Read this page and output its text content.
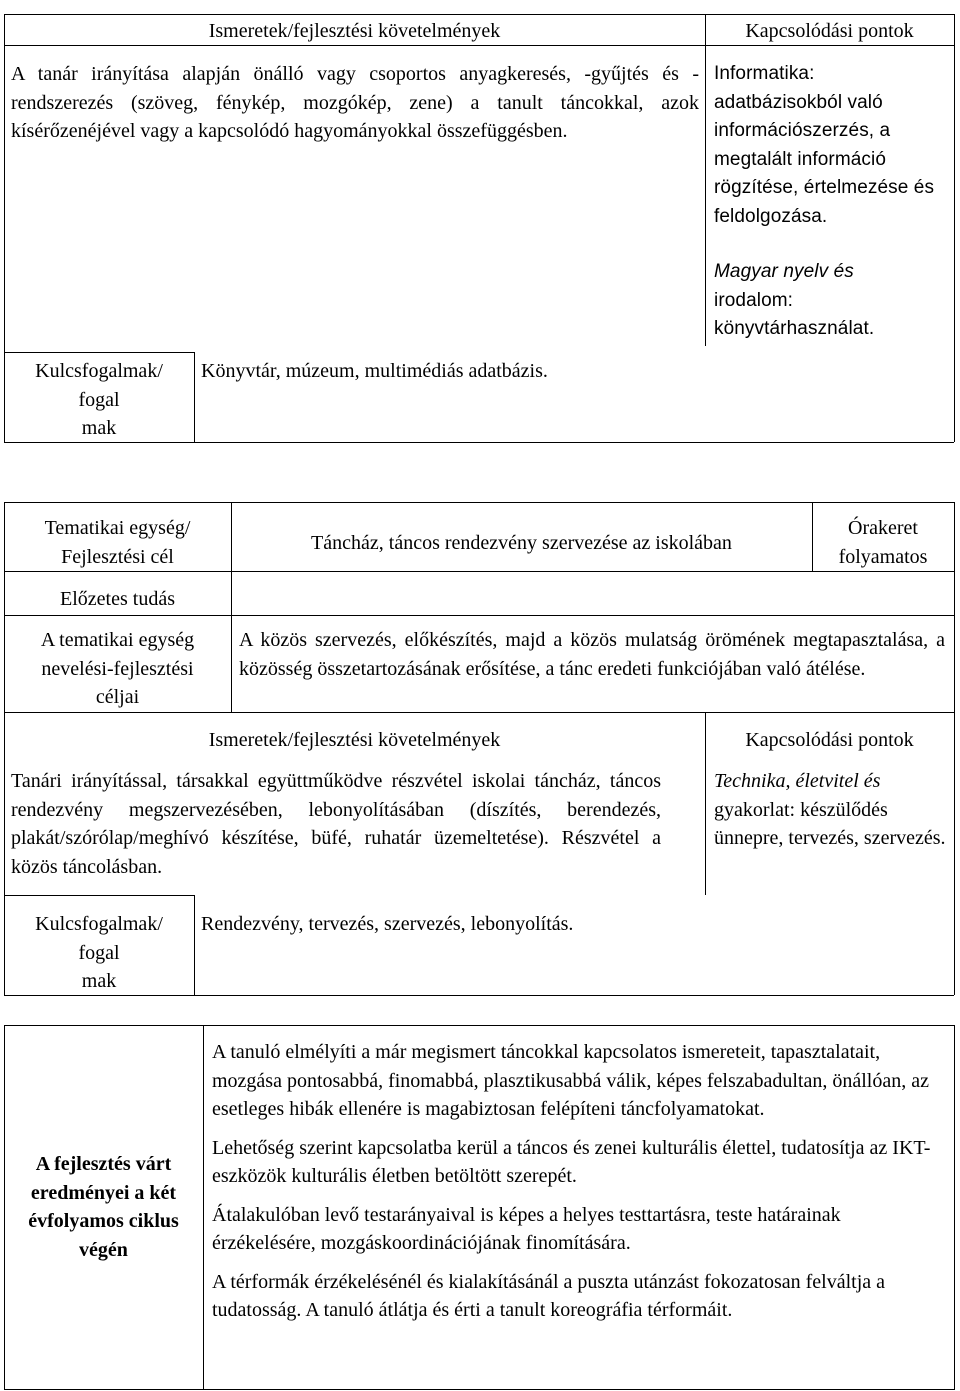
Ismeretek/fejlesztési követelmények	Kapcsolódási pontok
A tanár irányítása alapján önálló vagy csoportos anyagkeresés, -gyűjtés és -rendszerezés (szöveg, fénykép, mozgókép, zene) a tanult táncokkal, azok kísérőzenéjével vagy a kapcsolódó hagyományokkal összefüggésben.
Informatika:
adatbázisokból való információszerzés, a megtalált információ rögzítése, értelmezése és feldolgozása.
Magyar nyelv és
irodalom: könyvtárhasználat.
Kulcsfogalmak/
fogal
mak
Könyvtár, múzeum, multimédiás adatbázis.
Tematikai egység/
Fejlesztési cél
Táncház, táncos rendezvény szervezése az iskolában
Órakeret
folyamatos
Előzetes tudás
A tematikai egység
nevelési-fejlesztési
céljai
A közös szervezés, előkészítés, majd a közös mulatság örömének megtapasztalása, a közösség összetartozásának erősítése, a tánc eredeti funkciójában való átélése.
Ismeretek/fejlesztési követelmények	Kapcsolódási pontok
Tanári irányítással, társakkal együttműködve részvétel iskolai táncház, táncos rendezvény megszervezésében, lebonyolításában (díszítés, berendezés, plakát/szórólap/meghívó készítése, büfé, ruhatár üzemeltetése). Részvétel a közös táncolásban.
Technika, életvitel és
gyakorlat: készülődés ünnepre, tervezés, szervezés.
Kulcsfogalmak/
fogal
mak
Rendezvény, tervezés, szervezés, lebonyolítás.
A fejlesztés várt
eredményei a két
évfolyamos ciklus
végén

A tanuló elmélyíti a már megismert táncokkal kapcsolatos ismereteit, tapasztalatait, mozgása pontosabbá, finomabbá, plasztikusabbá válik, képes felszabadultan, önállóan, az esetleges hibák ellenére is magabiztosan felépíteni táncfolyamatokat.

Lehetőség szerint kapcsolatba kerül a táncos és zenei kulturális élettel, tudatosítja az IKT-eszközök kulturális életben betöltött szerepét.

Átalakulóban levő testarányaival is képes a helyes testtartásra, teste határainak érzékelésére, mozgáskoordinációjának finomítására.

A térformák érzékelésénél és kialakításánál a puszta utánzást fokozatosan felváltja a tudatosság. A tanuló átlátja és érti a tanult koreográfia térformáit.
